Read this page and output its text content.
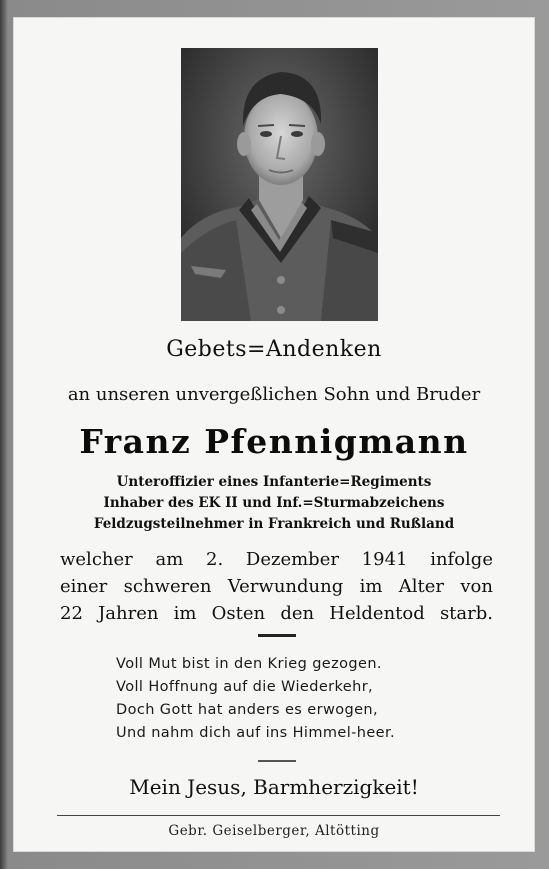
Gebets=Andenken
an unseren unvergeßlichen Sohn und Bruder
Franz Pfennigmann
Unteroffizier eines Infanterie=Regiments
Inhaber des EK II und Inf.=Sturmabzeichens
Feldzugsteilnehmer in Frankreich und Rußland
welcher am 2. Dezember 1941 infolge
einer schweren Verwundung im Alter von
22 Jahren im Osten den Heldentod starb.
Voll Mut bist in den Krieg gezogen.
Voll Hoffnung auf die Wiederkehr,
Doch Gott hat anders es erwogen,
Und nahm dich auf ins Himmel-heer.
Mein Jesus, Barmherzigkeit!
Gebr. Geiselberger, Altötting
